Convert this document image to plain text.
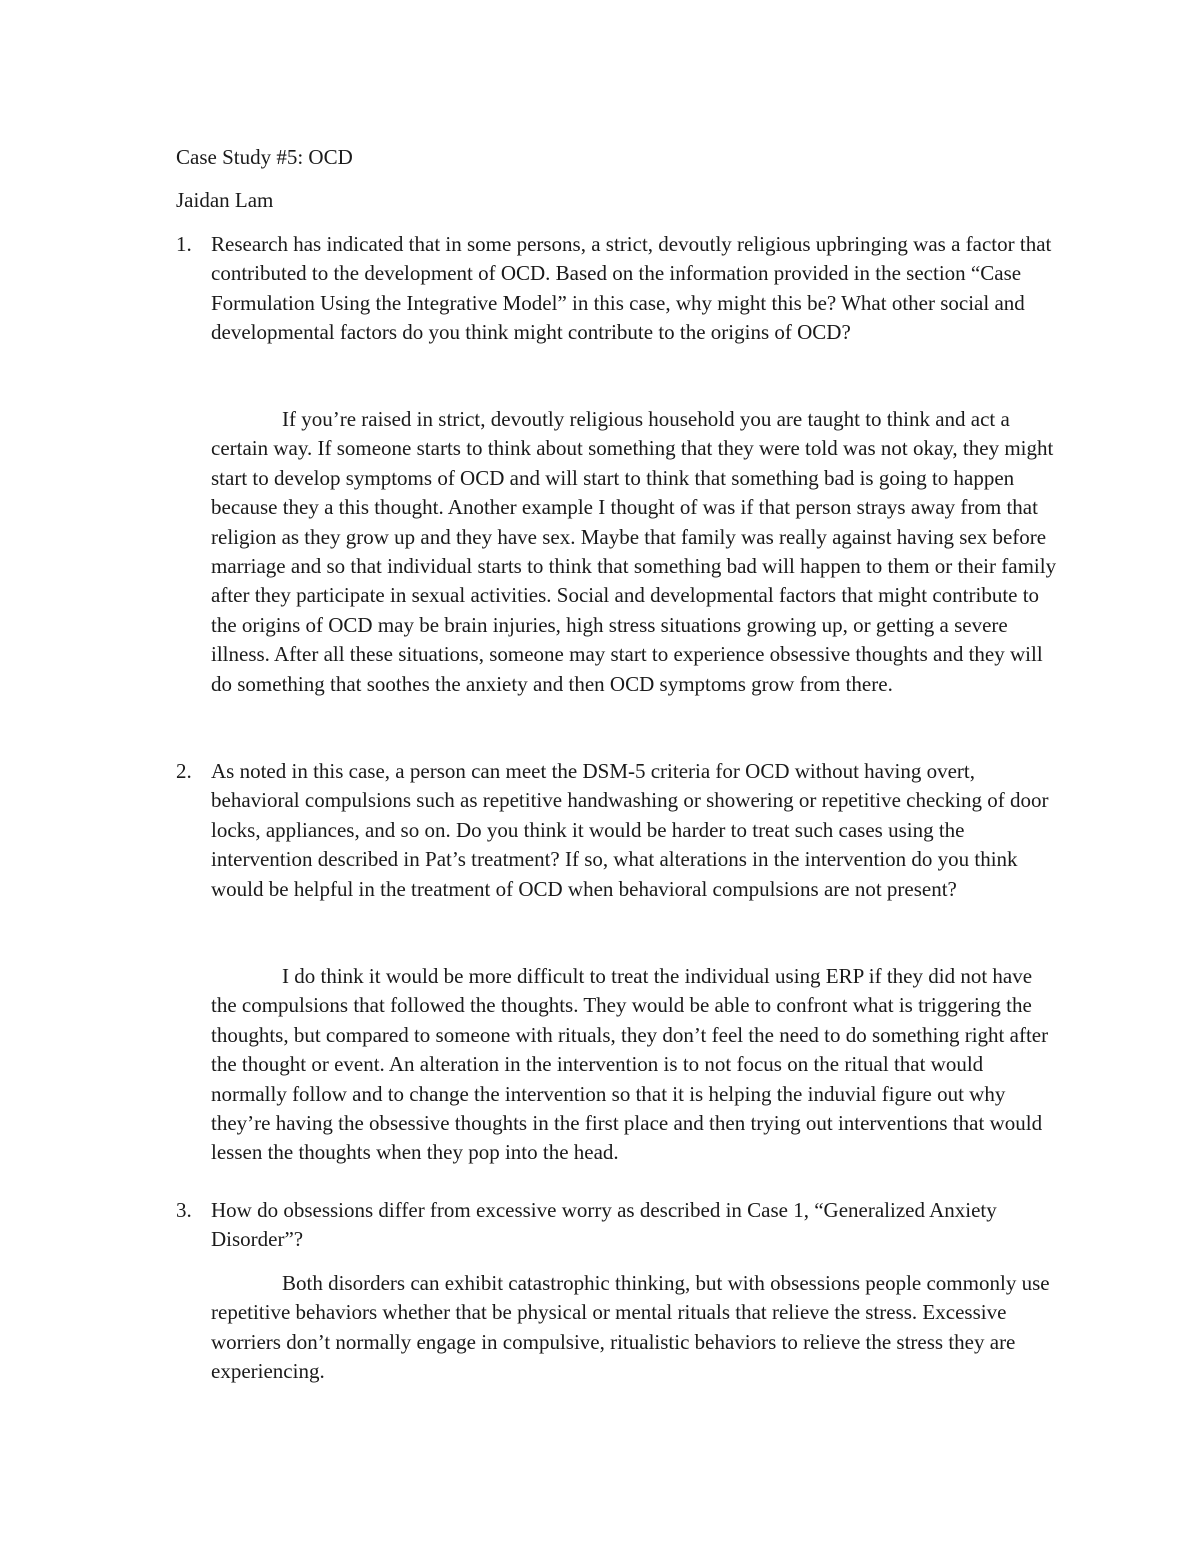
Case Study #5: OCD

Jaidan Lam

1. Research has indicated that in some persons, a strict, devoutly religious upbringing was a factor that contributed to the development of OCD. Based on the information provided in the section “Case Formulation Using the Integrative Model” in this case, why might this be? What other social and developmental factors do you think might contribute to the origins of OCD?

If you’re raised in strict, devoutly religious household you are taught to think and act a certain way. If someone starts to think about something that they were told was not okay, they might start to develop symptoms of OCD and will start to think that something bad is going to happen because they a this thought. Another example I thought of was if that person strays away from that religion as they grow up and they have sex. Maybe that family was really against having sex before marriage and so that individual starts to think that something bad will happen to them or their family after they participate in sexual activities. Social and developmental factors that might contribute to the origins of OCD may be brain injuries, high stress situations growing up, or getting a severe illness. After all these situations, someone may start to experience obsessive thoughts and they will do something that soothes the anxiety and then OCD symptoms grow from there.

2. As noted in this case, a person can meet the DSM-5 criteria for OCD without having overt, behavioral compulsions such as repetitive handwashing or showering or repetitive checking of door locks, appliances, and so on. Do you think it would be harder to treat such cases using the intervention described in Pat’s treatment? If so, what alterations in the intervention do you think would be helpful in the treatment of OCD when behavioral compulsions are not present?

I do think it would be more difficult to treat the individual using ERP if they did not have the compulsions that followed the thoughts. They would be able to confront what is triggering the thoughts, but compared to someone with rituals, they don’t feel the need to do something right after the thought or event. An alteration in the intervention is to not focus on the ritual that would normally follow and to change the intervention so that it is helping the induvial figure out why they’re having the obsessive thoughts in the first place and then trying out interventions that would lessen the thoughts when they pop into the head.

3. How do obsessions differ from excessive worry as described in Case 1, “Generalized Anxiety Disorder”?

Both disorders can exhibit catastrophic thinking, but with obsessions people commonly use repetitive behaviors whether that be physical or mental rituals that relieve the stress. Excessive worriers don’t normally engage in compulsive, ritualistic behaviors to relieve the stress they are experiencing.
